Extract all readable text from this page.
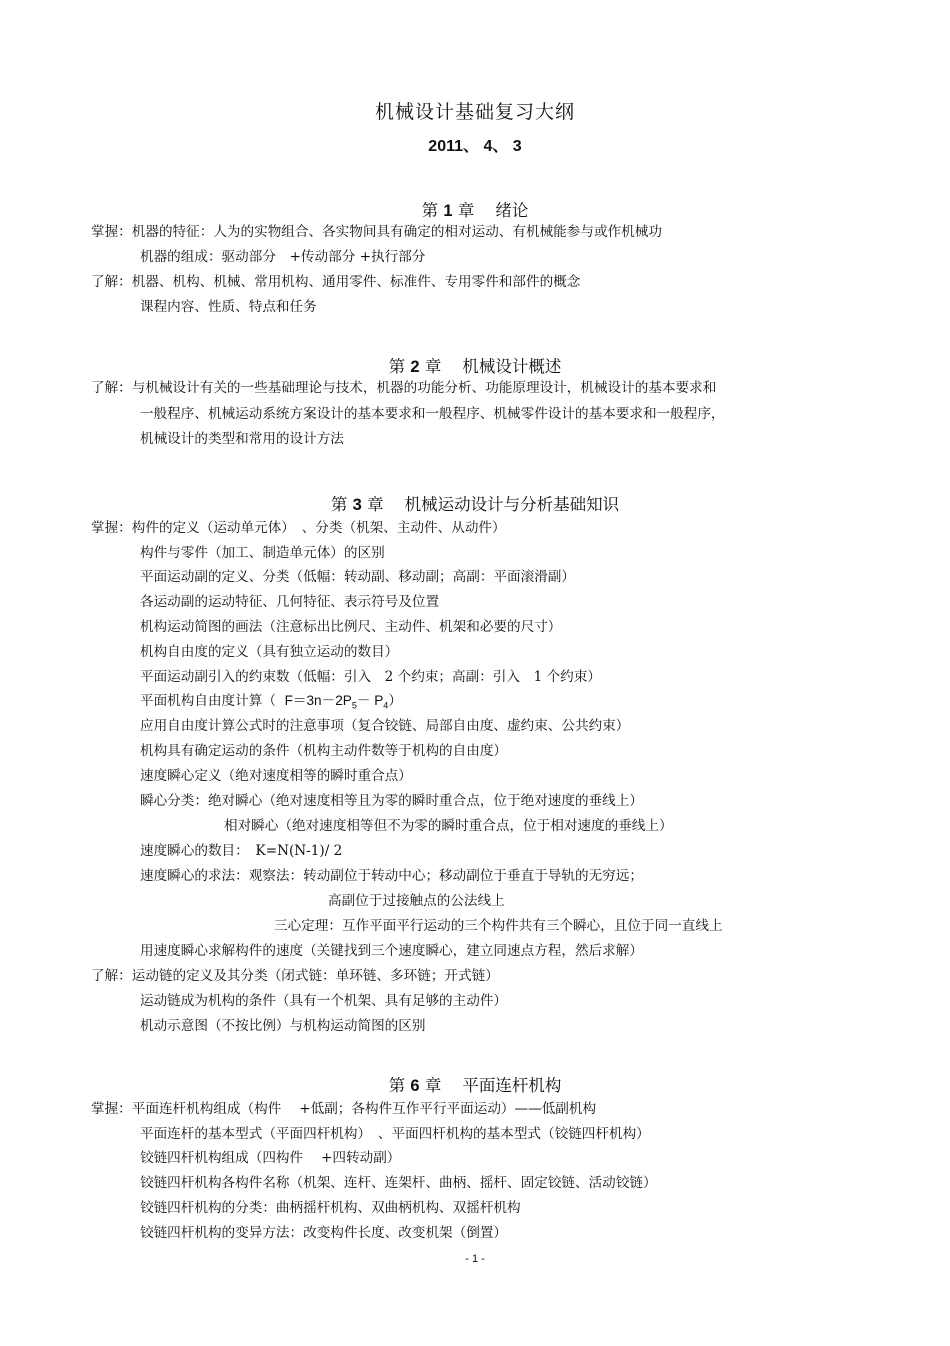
机械设计基础复习大纲
2011、 4、 3
第 1 章 绪论
掌握：机器的特征：人为的实物组合、各实物间具有确定的相对运动、有机械能参与或作机械功
机器的组成：驱动部分　+传动部分 +执行部分
了解：机器、机构、机械、常用机构、通用零件、标准件、专用零件和部件的概念
课程内容、性质、特点和任务
第 2 章 机械设计概述
了解：与机械设计有关的一些基础理论与技术，机器的功能分析、功能原理设计，机械设计的基本要求和
一般程序、机械运动系统方案设计的基本要求和一般程序、机械零件设计的基本要求和一般程序，
机械设计的类型和常用的设计方法
第 3 章 机械运动设计与分析基础知识
掌握：构件的定义（运动单元体）　、分类（机架、主动件、从动件）
构件与零件（加工、制造单元体）的区别
平面运动副的定义、分类（低幅：转动副、移动副；高副：平面滚滑副）
各运动副的运动特征、几何特征、表示符号及位置
机构运动简图的画法（注意标出比例尺、主动件、机架和必要的尺寸）
机构自由度的定义（具有独立运动的数目）
平面运动副引入的约束数（低幅：引入　2 个约束；高副：引入　1 个约束）
平面机构自由度计算（ $F=3n-2P_5- P_4$）
应用自由度计算公式时的注意事项（复合铰链、局部自由度、虚约束、公共约束）
机构具有确定运动的条件（机构主动件数等于机构的自由度）
速度瞬心定义（绝对速度相等的瞬时重合点）
瞬心分类：绝对瞬心（绝对速度相等且为零的瞬时重合点，位于绝对速度的垂线上）
相对瞬心（绝对速度相等但不为零的瞬时重合点，位于相对速度的垂线上）
速度瞬心的数目：　K=N(N-1)/ 2
速度瞬心的求法：观察法：转动副位于转动中心；移动副位于垂直于导轨的无穷远；
高副位于过接触点的公法线上
三心定理：互作平面平行运动的三个构件共有三个瞬心，且位于同一直线上
用速度瞬心求解构件的速度（关键找到三个速度瞬心，建立同速点方程，然后求解）
了解：运动链的定义及其分类（闭式链：单环链、多环链；开式链）
运动链成为机构的条件（具有一个机架、具有足够的主动件）
机动示意图（不按比例）与机构运动简图的区别
第 6 章 平面连杆机构
掌握：平面连杆机构组成（构件　 +低副；各构件互作平行平面运动）——低副机构
平面连杆的基本型式（平面四杆机构）　、平面四杆机构的基本型式（铰链四杆机构）
铰链四杆机构组成（四构件　 +四转动副）
铰链四杆机构各构件名称（机架、连杆、连架杆、曲柄、摇杆、固定铰链、活动铰链）
铰链四杆机构的分类：曲柄摇杆机构、双曲柄机构、双摇杆机构
铰链四杆机构的变异方法：改变构件长度、改变机架（倒置）
- 1 -
